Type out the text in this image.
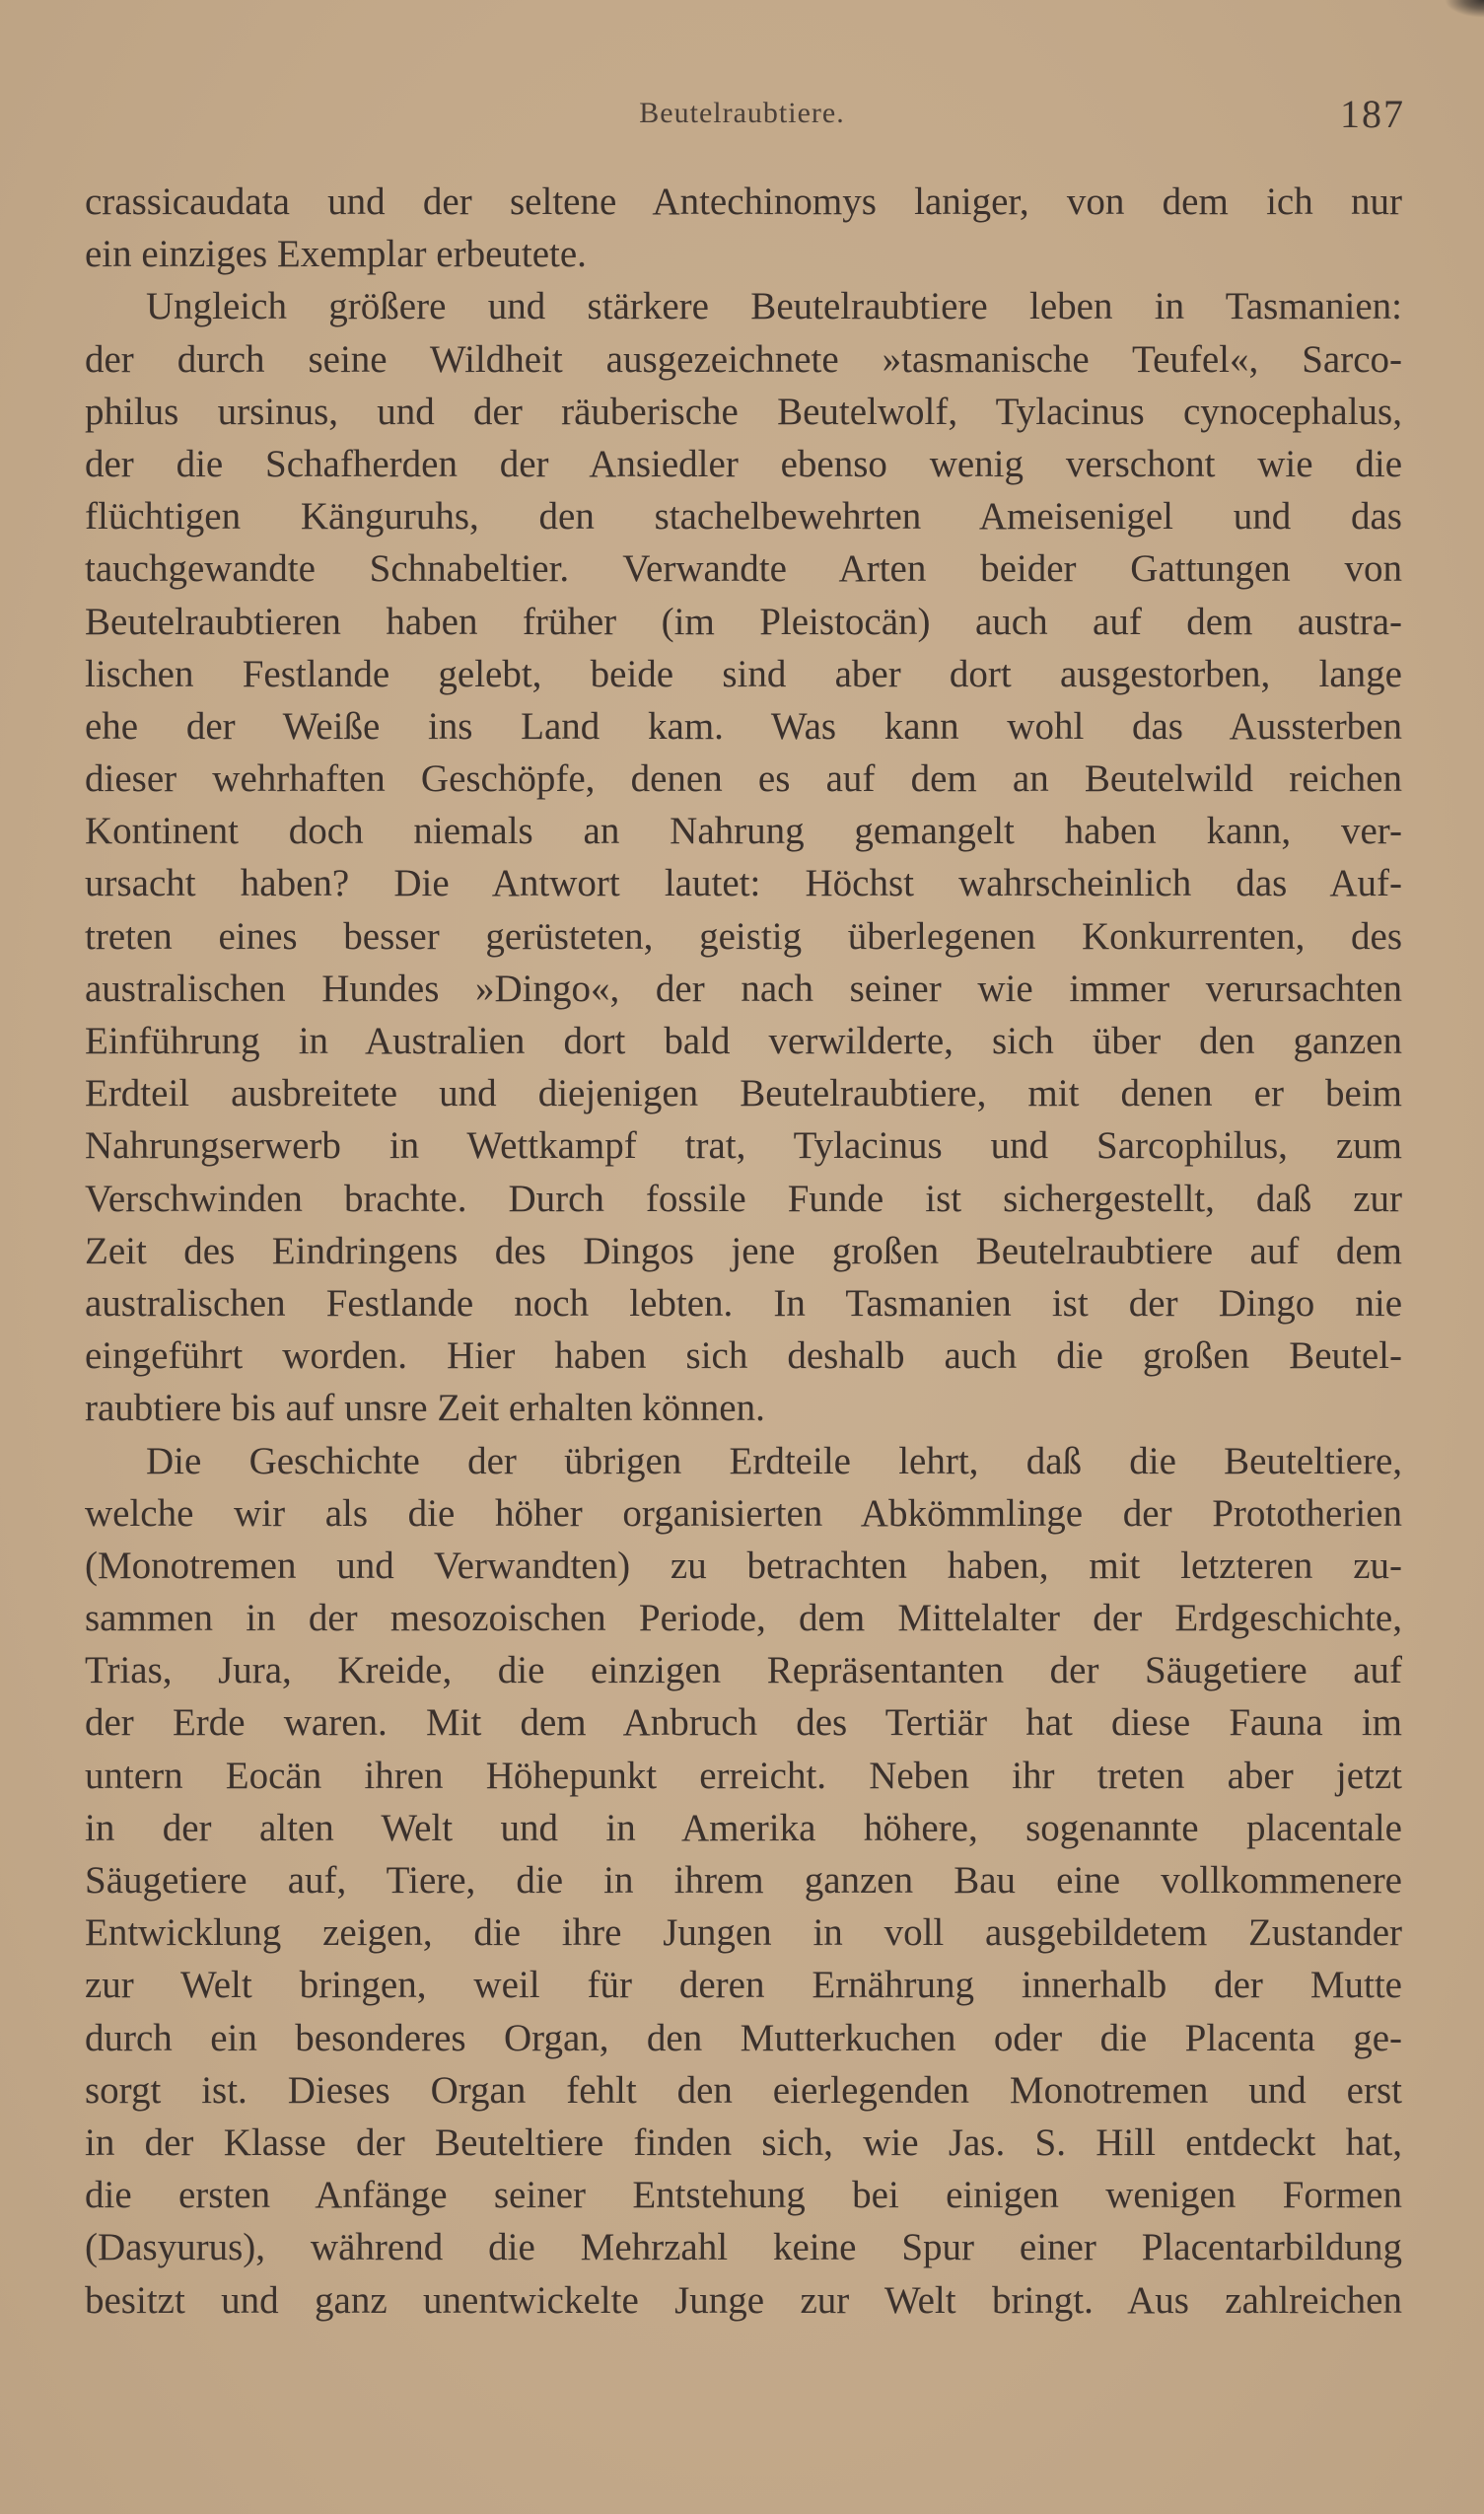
Beutelraubtiere.	187
crassicaudata und der seltene Antechinomys laniger, von dem ich nur
ein einziges Exemplar erbeutete.
Ungleich größere und stärkere Beutelraubtiere leben in Tasmanien:
der durch seine Wildheit ausgezeichnete »tasmanische Teufel«, Sarco-
philus ursinus, und der räuberische Beutelwolf, Tylacinus cynocephalus,
der die Schafherden der Ansiedler ebenso wenig verschont wie die
flüchtigen Känguruhs, den stachelbewehrten Ameisenigel und das
tauchgewandte Schnabeltier. Verwandte Arten beider Gattungen von
Beutelraubtieren haben früher (im Pleistocän) auch auf dem austra-
lischen Festlande gelebt, beide sind aber dort ausgestorben, lange
ehe der Weiße ins Land kam. Was kann wohl das Aussterben
dieser wehrhaften Geschöpfe, denen es auf dem an Beutelwild reichen
Kontinent doch niemals an Nahrung gemangelt haben kann, ver-
ursacht haben? Die Antwort lautet: Höchst wahrscheinlich das Auf-
treten eines besser gerüsteten, geistig überlegenen Konkurrenten, des
australischen Hundes »Dingo«, der nach seiner wie immer verursachten
Einführung in Australien dort bald verwilderte, sich über den ganzen
Erdteil ausbreitete und diejenigen Beutelraubtiere, mit denen er beim
Nahrungserwerb in Wettkampf trat, Tylacinus und Sarcophilus, zum
Verschwinden brachte. Durch fossile Funde ist sichergestellt, daß zur
Zeit des Eindringens des Dingos jene großen Beutelraubtiere auf dem
australischen Festlande noch lebten. In Tasmanien ist der Dingo nie
eingeführt worden. Hier haben sich deshalb auch die großen Beutel-
raubtiere bis auf unsre Zeit erhalten können.
Die Geschichte der übrigen Erdteile lehrt, daß die Beuteltiere,
welche wir als die höher organisierten Abkömmlinge der Prototherien
(Monotremen und Verwandten) zu betrachten haben, mit letzteren zu-
sammen in der mesozoischen Periode, dem Mittelalter der Erdgeschichte,
Trias, Jura, Kreide, die einzigen Repräsentanten der Säugetiere auf
der Erde waren. Mit dem Anbruch des Tertiär hat diese Fauna im
untern Eocän ihren Höhepunkt erreicht. Neben ihr treten aber jetzt
in der alten Welt und in Amerika höhere, sogenannte placentale
Säugetiere auf, Tiere, die in ihrem ganzen Bau eine vollkommenere
Entwicklung zeigen, die ihre Jungen in voll ausgebildetem Zustander
zur Welt bringen, weil für deren Ernährung innerhalb der Mutte
durch ein besonderes Organ, den Mutterkuchen oder die Placenta ge-
sorgt ist. Dieses Organ fehlt den eierlegenden Monotremen und erst
in der Klasse der Beuteltiere finden sich, wie Jas. S. Hill entdeckt hat,
die ersten Anfänge seiner Entstehung bei einigen wenigen Formen
(Dasyurus), während die Mehrzahl keine Spur einer Placentarbildung
besitzt und ganz unentwickelte Junge zur Welt bringt. Aus zahlreichen
